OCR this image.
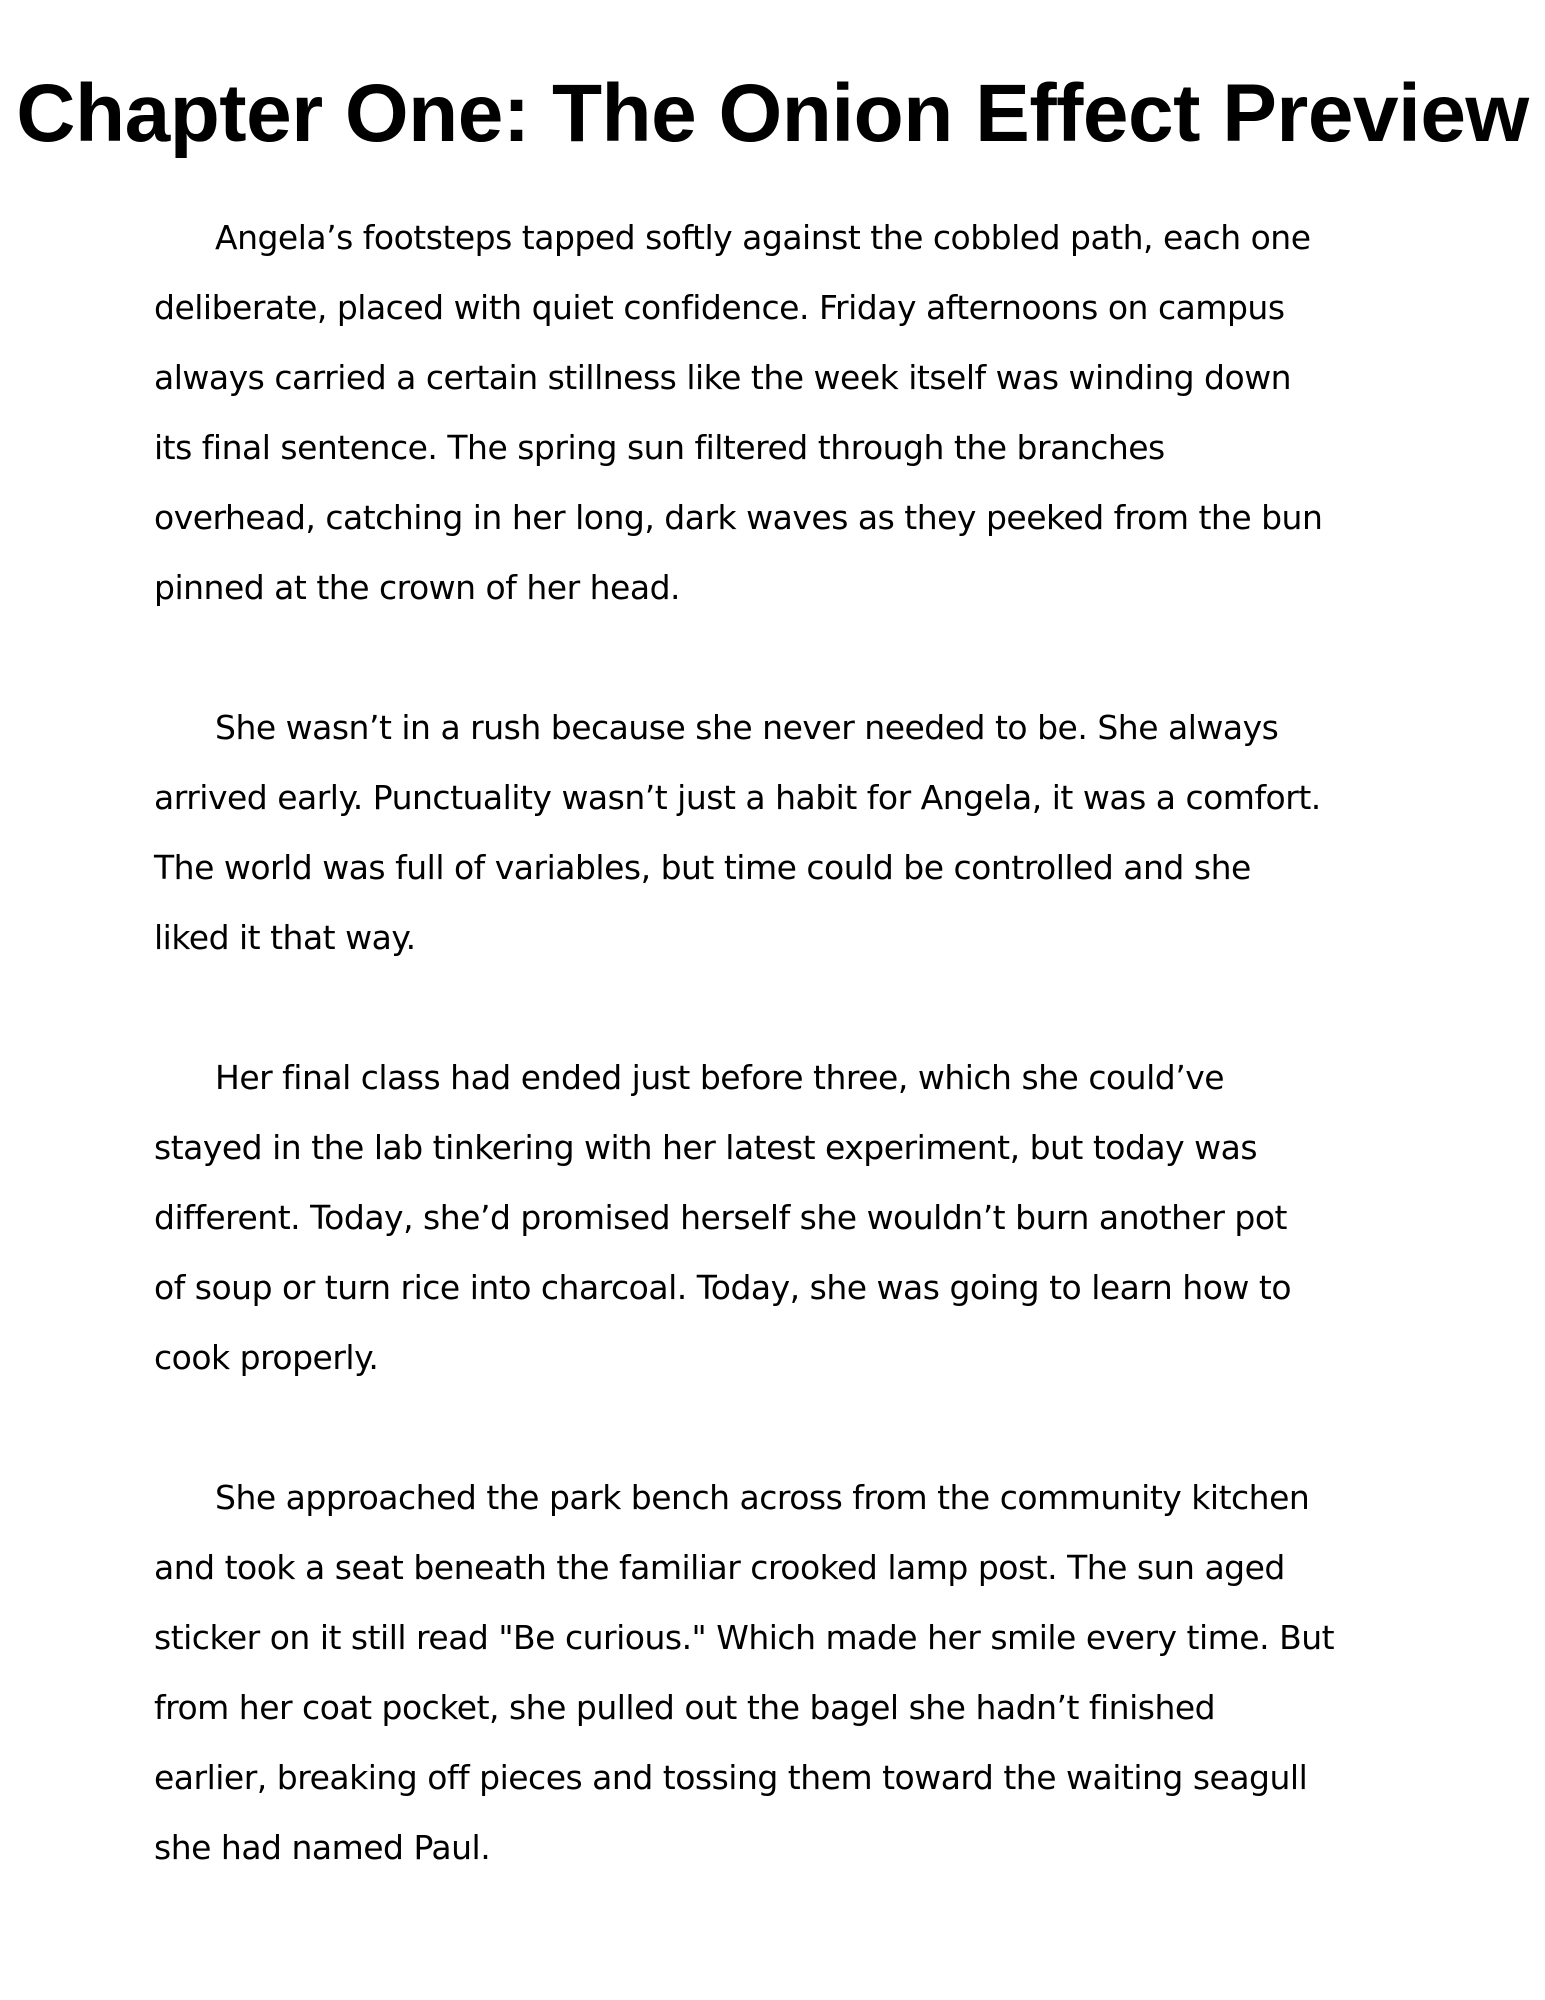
Chapter One: The Onion Effect Preview
Angela’s footsteps tapped softly against the cobbled path, each one
deliberate, placed with quiet confidence. Friday afternoons on campus
always carried a certain stillness like the week itself was winding down
its final sentence. The spring sun filtered through the branches
overhead, catching in her long, dark waves as they peeked from the bun
pinned at the crown of her head.
She wasn’t in a rush because she never needed to be. She always
arrived early. Punctuality wasn’t just a habit for Angela, it was a comfort.
The world was full of variables, but time could be controlled and she
liked it that way.
Her final class had ended just before three, which she could’ve
stayed in the lab tinkering with her latest experiment, but today was
different. Today, she’d promised herself she wouldn’t burn another pot
of soup or turn rice into charcoal. Today, she was going to learn how to
cook properly.
She approached the park bench across from the community kitchen
and took a seat beneath the familiar crooked lamp post. The sun aged
sticker on it still read "Be curious." Which made her smile every time. But
from her coat pocket, she pulled out the bagel she hadn’t finished
earlier, breaking off pieces and tossing them toward the waiting seagull
she had named Paul.
